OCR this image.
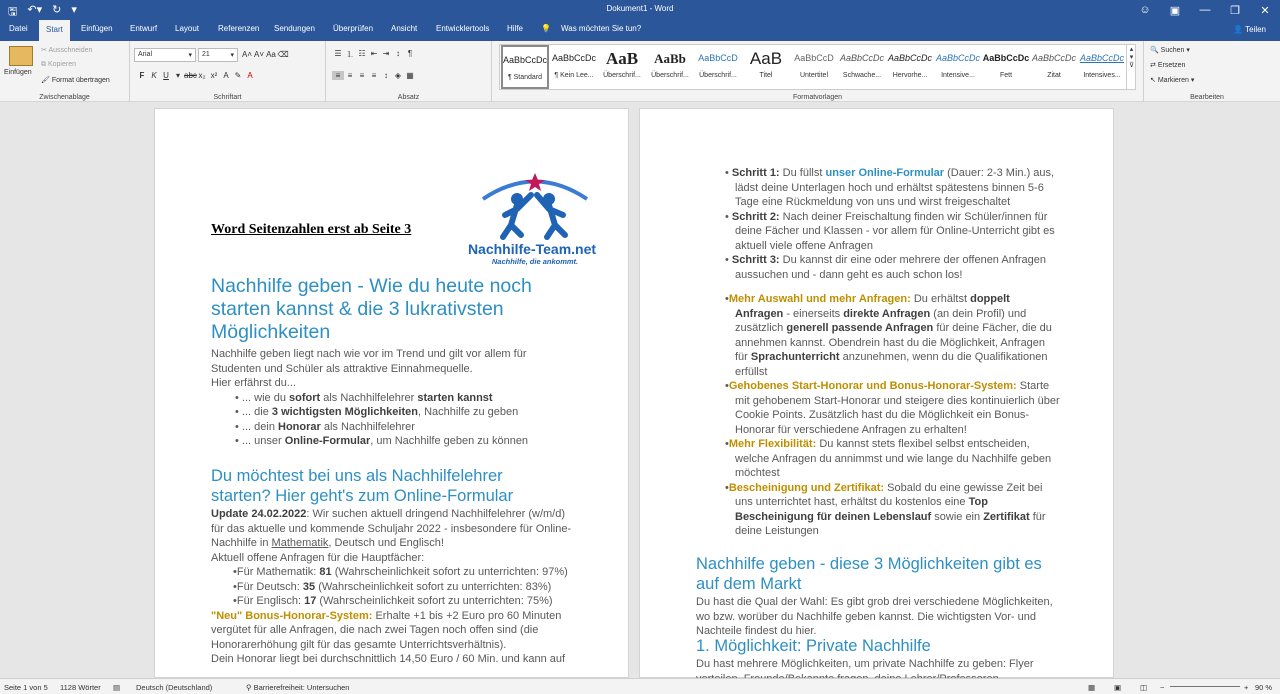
🖫 ↶▾ ↻ ▾	Dokument1 - Word	☺	▣	—	❐	✕
Datei	Start	Einfügen Entwurf Layout Referenzen Sendungen Überprüfen Ansicht Entwicklertools Hilfe 💡 Was möchten Sie tun?	👤 Teilen
Einfügen
✂ Ausschneiden
⧉ Kopieren
🖌 Format übertragen
Zwischenablage
Arial	▾	21	▾ A˄ A˅ Aa ⌫
F K U ▾ abc x₂ x² A ✎ A
Schriftart
☰ ⒈ ☷ ⇤ ⇥ ↕ ¶
≡ ≡ ≡ ≡ ↕ ◈ ▦
Absatz	Formatvorlagen
AaBbCcDc
¶ Standard
AaBbCcDc
¶ Kein Lee...
AaB
Überschrif...
AaBb
Überschrif...
AaBbCcD
Überschrif...
AaB
Titel
AaBbCcD
Untertitel
AaBbCcDc
Schwache...
AaBbCcDc
Hervorhe...
AaBbCcDc
Intensive...
AaBbCcDc
Fett
AaBbCcDc
Zitat
AaBbCcDc
Intensives...
▴
▾
⊽
🔍 Suchen ▾
⇄ Ersetzen
↖ Markieren ▾
Bearbeiten
Word Seitenzahlen erst ab Seite 3
Nachhilfe-Team.net
Nachhilfe, die ankommt.
Nachhilfe geben - Wie du heute noch starten kannst & die 3 lukrativsten Möglichkeiten
Nachhilfe geben liegt nach wie vor im Trend und gilt vor allem für Studenten und Schüler als attraktive Einnahmequelle.
Hier erfährst du...
• ... wie du sofort als Nachhilfelehrer starten kannst
• ... die 3 wichtigsten Möglichkeiten, Nachhilfe zu geben
• ... dein Honorar als Nachhilfelehrer
• ... unser Online-Formular, um Nachhilfe geben zu können
Du möchtest bei uns als Nachhilfelehrer starten? Hier geht's zum Online-Formular
Update 24.02.2022: Wir suchen aktuell dringend Nachhilfelehrer (w/m/d) für das aktuelle und kommende Schuljahr 2022 - insbesondere für Online-Nachhilfe in Mathematik, Deutsch und Englisch!
Aktuell offene Anfragen für die Hauptfächer:
•Für Mathematik: 81 (Wahrscheinlichkeit sofort zu unterrichten: 97%)
•Für Deutsch: 35 (Wahrscheinlichkeit sofort zu unterrichten: 83%)
•Für Englisch: 17 (Wahrscheinlichkeit sofort zu unterrichten: 75%)
"Neu" Bonus-Honorar-System: Erhalte +1 bis +2 Euro pro 60 Minuten vergütet für alle Anfragen, die nach zwei Tagen noch offen sind (die Honorarerhöhung gilt für das gesamte Unterrichtsverhältnis).
Dein Honorar liegt bei durchschnittlich 14,50 Euro / 60 Min. und kann auf
• Schritt 1: Du füllst unser Online-Formular (Dauer: 2-3 Min.) aus, lädst deine Unterlagen hoch und erhältst spätestens binnen 5-6 Tage eine Rückmeldung von uns und wirst freigeschaltet
• Schritt 2: Nach deiner Freischaltung finden wir Schüler/innen für deine Fächer und Klassen - vor allem für Online-Unterricht gibt es aktuell viele offene Anfragen
• Schritt 3: Du kannst dir eine oder mehrere der offenen Anfragen aussuchen und - dann geht es auch schon los!
•Mehr Auswahl und mehr Anfragen: Du erhältst doppelt Anfragen - einerseits direkte Anfragen (an dein Profil) und zusätzlich generell passende Anfragen für deine Fächer, die du annehmen kannst. Obendrein hast du die Möglichkeit, Anfragen für Sprachunterricht anzunehmen, wenn du die Qualifikationen erfüllst
•Gehobenes Start-Honorar und Bonus-Honorar-System: Starte mit gehobenem Start-Honorar und steigere dies kontinuierlich über Cookie Points. Zusätzlich hast du die Möglichkeit ein Bonus-Honorar für verschiedene Anfragen zu erhalten!
•Mehr Flexibilität: Du kannst stets flexibel selbst entscheiden, welche Anfragen du annimmst und wie lange du Nachhilfe geben möchtest
•Bescheinigung und Zertifikat: Sobald du eine gewisse Zeit bei uns unterrichtet hast, erhältst du kostenlos eine Top Bescheinigung für deinen Lebenslauf sowie ein Zertifikat für deine Leistungen
Nachhilfe geben - diese 3 Möglichkeiten gibt es auf dem Markt
Du hast die Qual der Wahl: Es gibt grob drei verschiedene Möglichkeiten, wo bzw. worüber du Nachhilfe geben kannst. Die wichtigsten Vor- und Nachteile findest du hier.
1. Möglichkeit: Private Nachhilfe
Du hast mehrere Möglichkeiten, um private Nachhilfe zu geben: Flyer
Seite 1 von 5 1128 Wörter ▤ Deutsch (Deutschland)	⚲ Barrierefreiheit: Untersuchen	▦	▣	◫ −	+ 90 %
